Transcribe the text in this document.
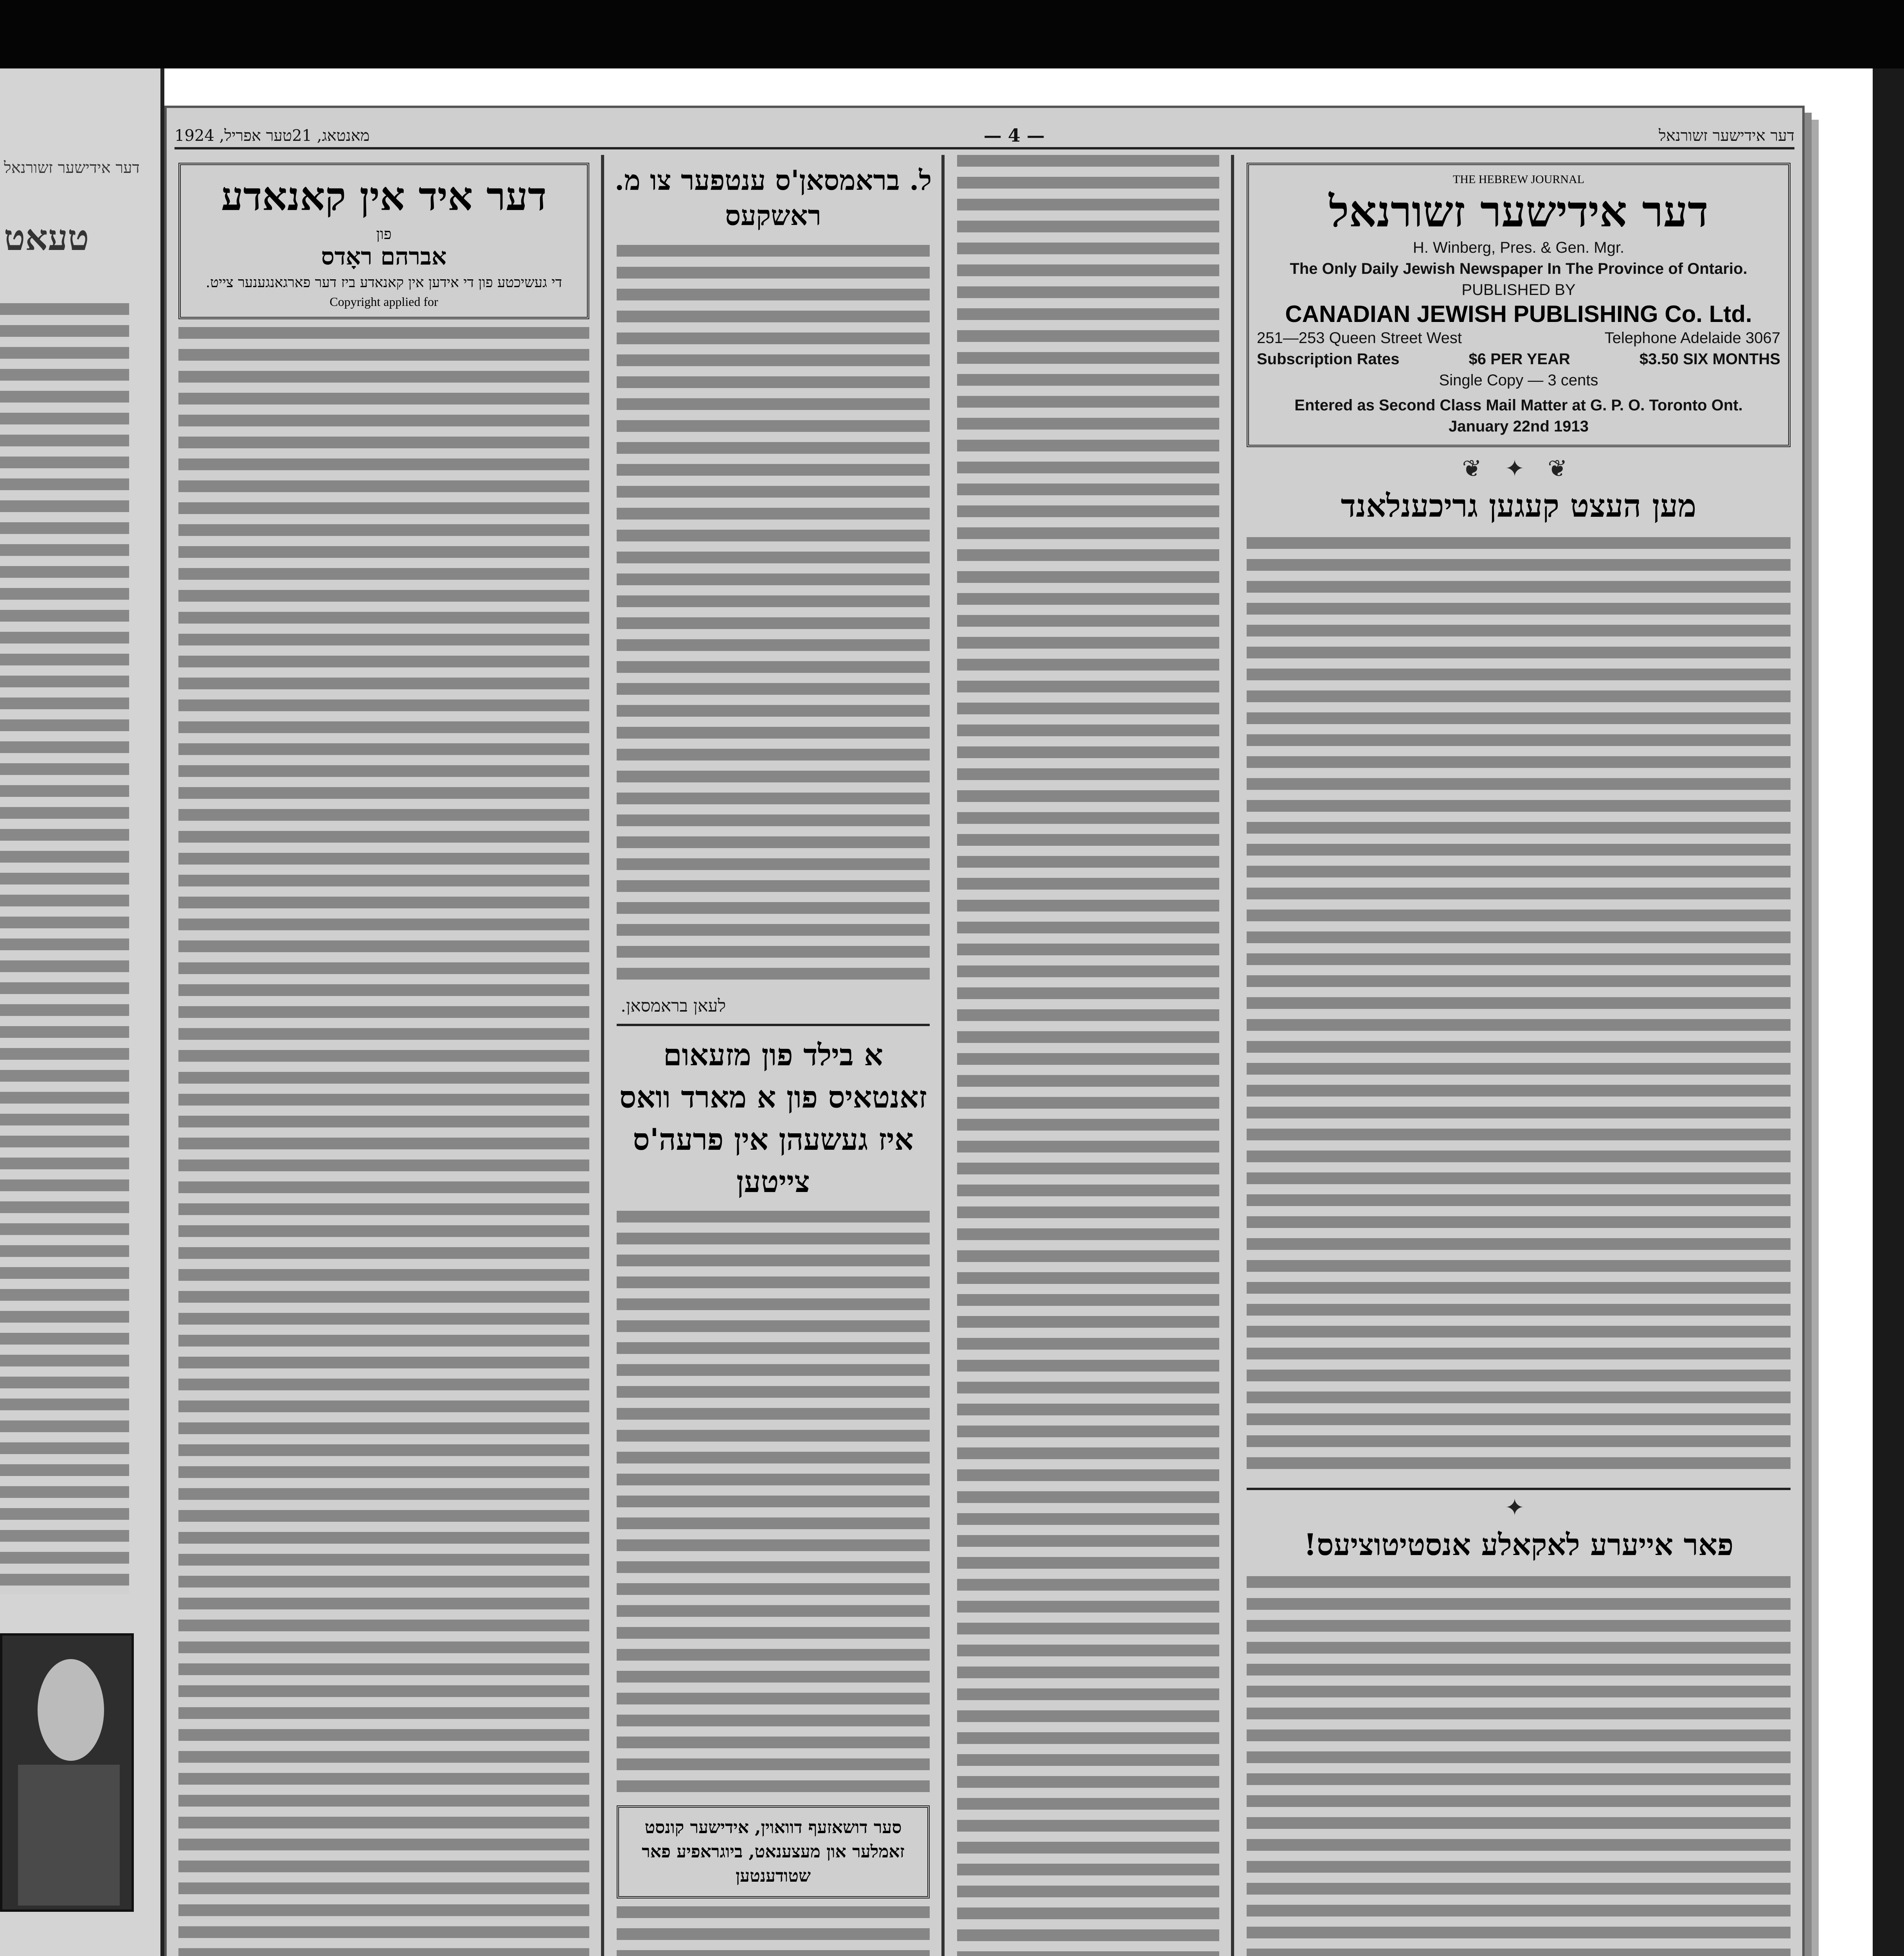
דער אידישער זשורנאל
טעאט
מאנטאג, 21טער אפריל, 1924	— 4 —	דער אידישער זשורנאל
דער איד אין קאנאדע
פון
אברהם ראָדס
די געשיכטע פון די אידען אין קאנאדע ביז דער פארגאנגענער צייט.
Copyright applied for
ל. בראמסאן'ס ענטפער צו מ. ראשקעס
לעאן בראמסאן.
א בילד פון מזעאום זאנטאיס פון א מארד וואס איז געשעהן אין פרעה'ס צייטען
סער דושאזעף דוואוין, אידישער קונסט זאמלער און מעצענאט, ביוגראפיע פאר שטודענטען
THE HEBREW JOURNAL
דער אידישער זשורנאל
H. Winberg, Pres. & Gen. Mgr.
The Only Daily Jewish Newspaper In The Province of Ontario.
PUBLISHED BY
CANADIAN JEWISH PUBLISHING Co. Ltd.
251—253 Queen Street West	Telephone Adelaide 3067
Subscription Rates	$6 PER YEAR	$3.50 SIX MONTHS
Single Copy — 3 cents
Entered as Second Class Mail Matter at G. P. O. Toronto Ont.
January 22nd 1913
❦ ✦ ❦
מען העצט קעגען גריכענלאנד
✦
פאר אייערע לאקאלע אנסטיטוציעס!
